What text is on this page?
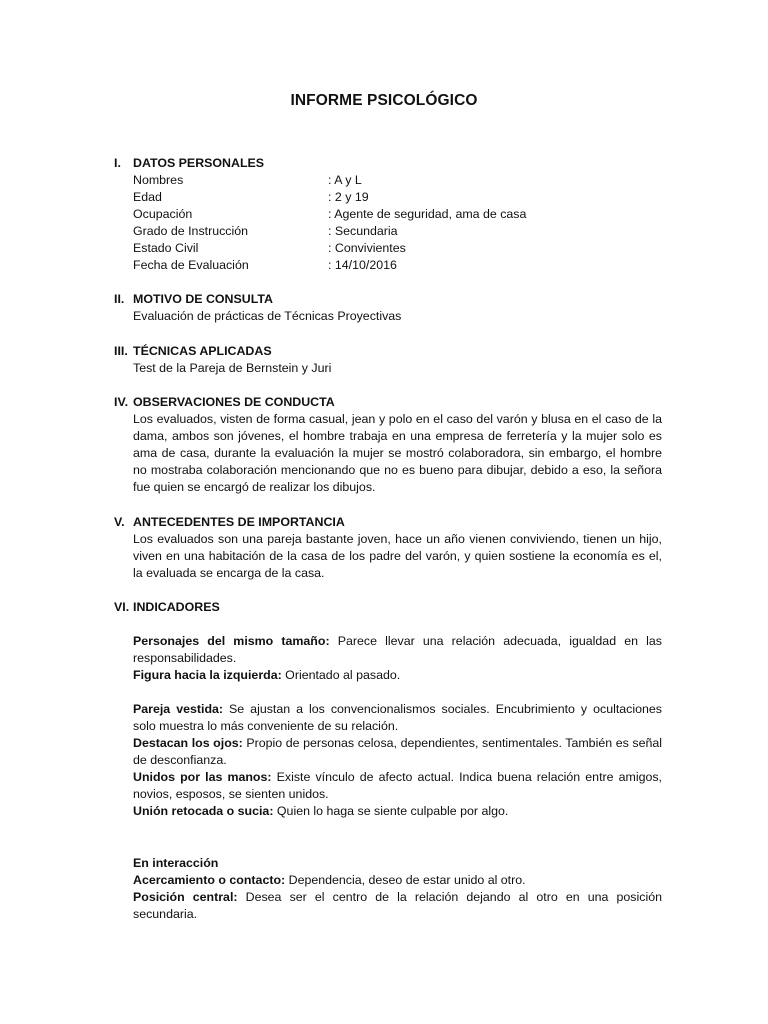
INFORME PSICOLÓGICO
I. DATOS PERSONALES
Nombres	: A y L
Edad	: 2 y 19
Ocupación	: Agente de seguridad, ama de casa
Grado de Instrucción	: Secundaria
Estado Civil	: Convivientes
Fecha de Evaluación	: 14/10/2016
II. MOTIVO DE CONSULTA
Evaluación de prácticas de Técnicas Proyectivas
III. TÉCNICAS APLICADAS
Test de la Pareja de Bernstein y Juri
IV. OBSERVACIONES DE CONDUCTA
Los evaluados, visten de forma casual, jean y polo en el caso del varón y blusa en el caso de la dama, ambos son jóvenes, el hombre trabaja en una empresa de ferretería y la mujer solo es ama de casa, durante la evaluación la mujer se mostró colaboradora, sin embargo, el hombre no mostraba colaboración mencionando que no es bueno para dibujar, debido a eso, la señora fue quien se encargó de realizar los dibujos.
V. ANTECEDENTES DE IMPORTANCIA
Los evaluados son una pareja bastante joven, hace un año vienen conviviendo, tienen un hijo, viven en una habitación de la casa de los padre del varón, y quien sostiene la economía es el, la evaluada se encarga de la casa.
VI. INDICADORES

Personajes del mismo tamaño: Parece llevar una relación adecuada, igualdad en las responsabilidades.

Figura hacia la izquierda: Orientado al pasado.

Pareja vestida: Se ajustan a los convencionalismos sociales. Encubrimiento y ocultaciones solo muestra lo más conveniente de su relación.

Destacan los ojos: Propio de personas celosa, dependientes, sentimentales. También es señal de desconfianza.

Unidos por las manos: Existe vínculo de afecto actual. Indica buena relación entre amigos, novios, esposos, se sienten unidos.

Unión retocada o sucia: Quien lo haga se siente culpable por algo.

En interacción

Acercamiento o contacto: Dependencia, deseo de estar unido al otro.

Posición central: Desea ser el centro de la relación dejando al otro en una posición secundaria.
